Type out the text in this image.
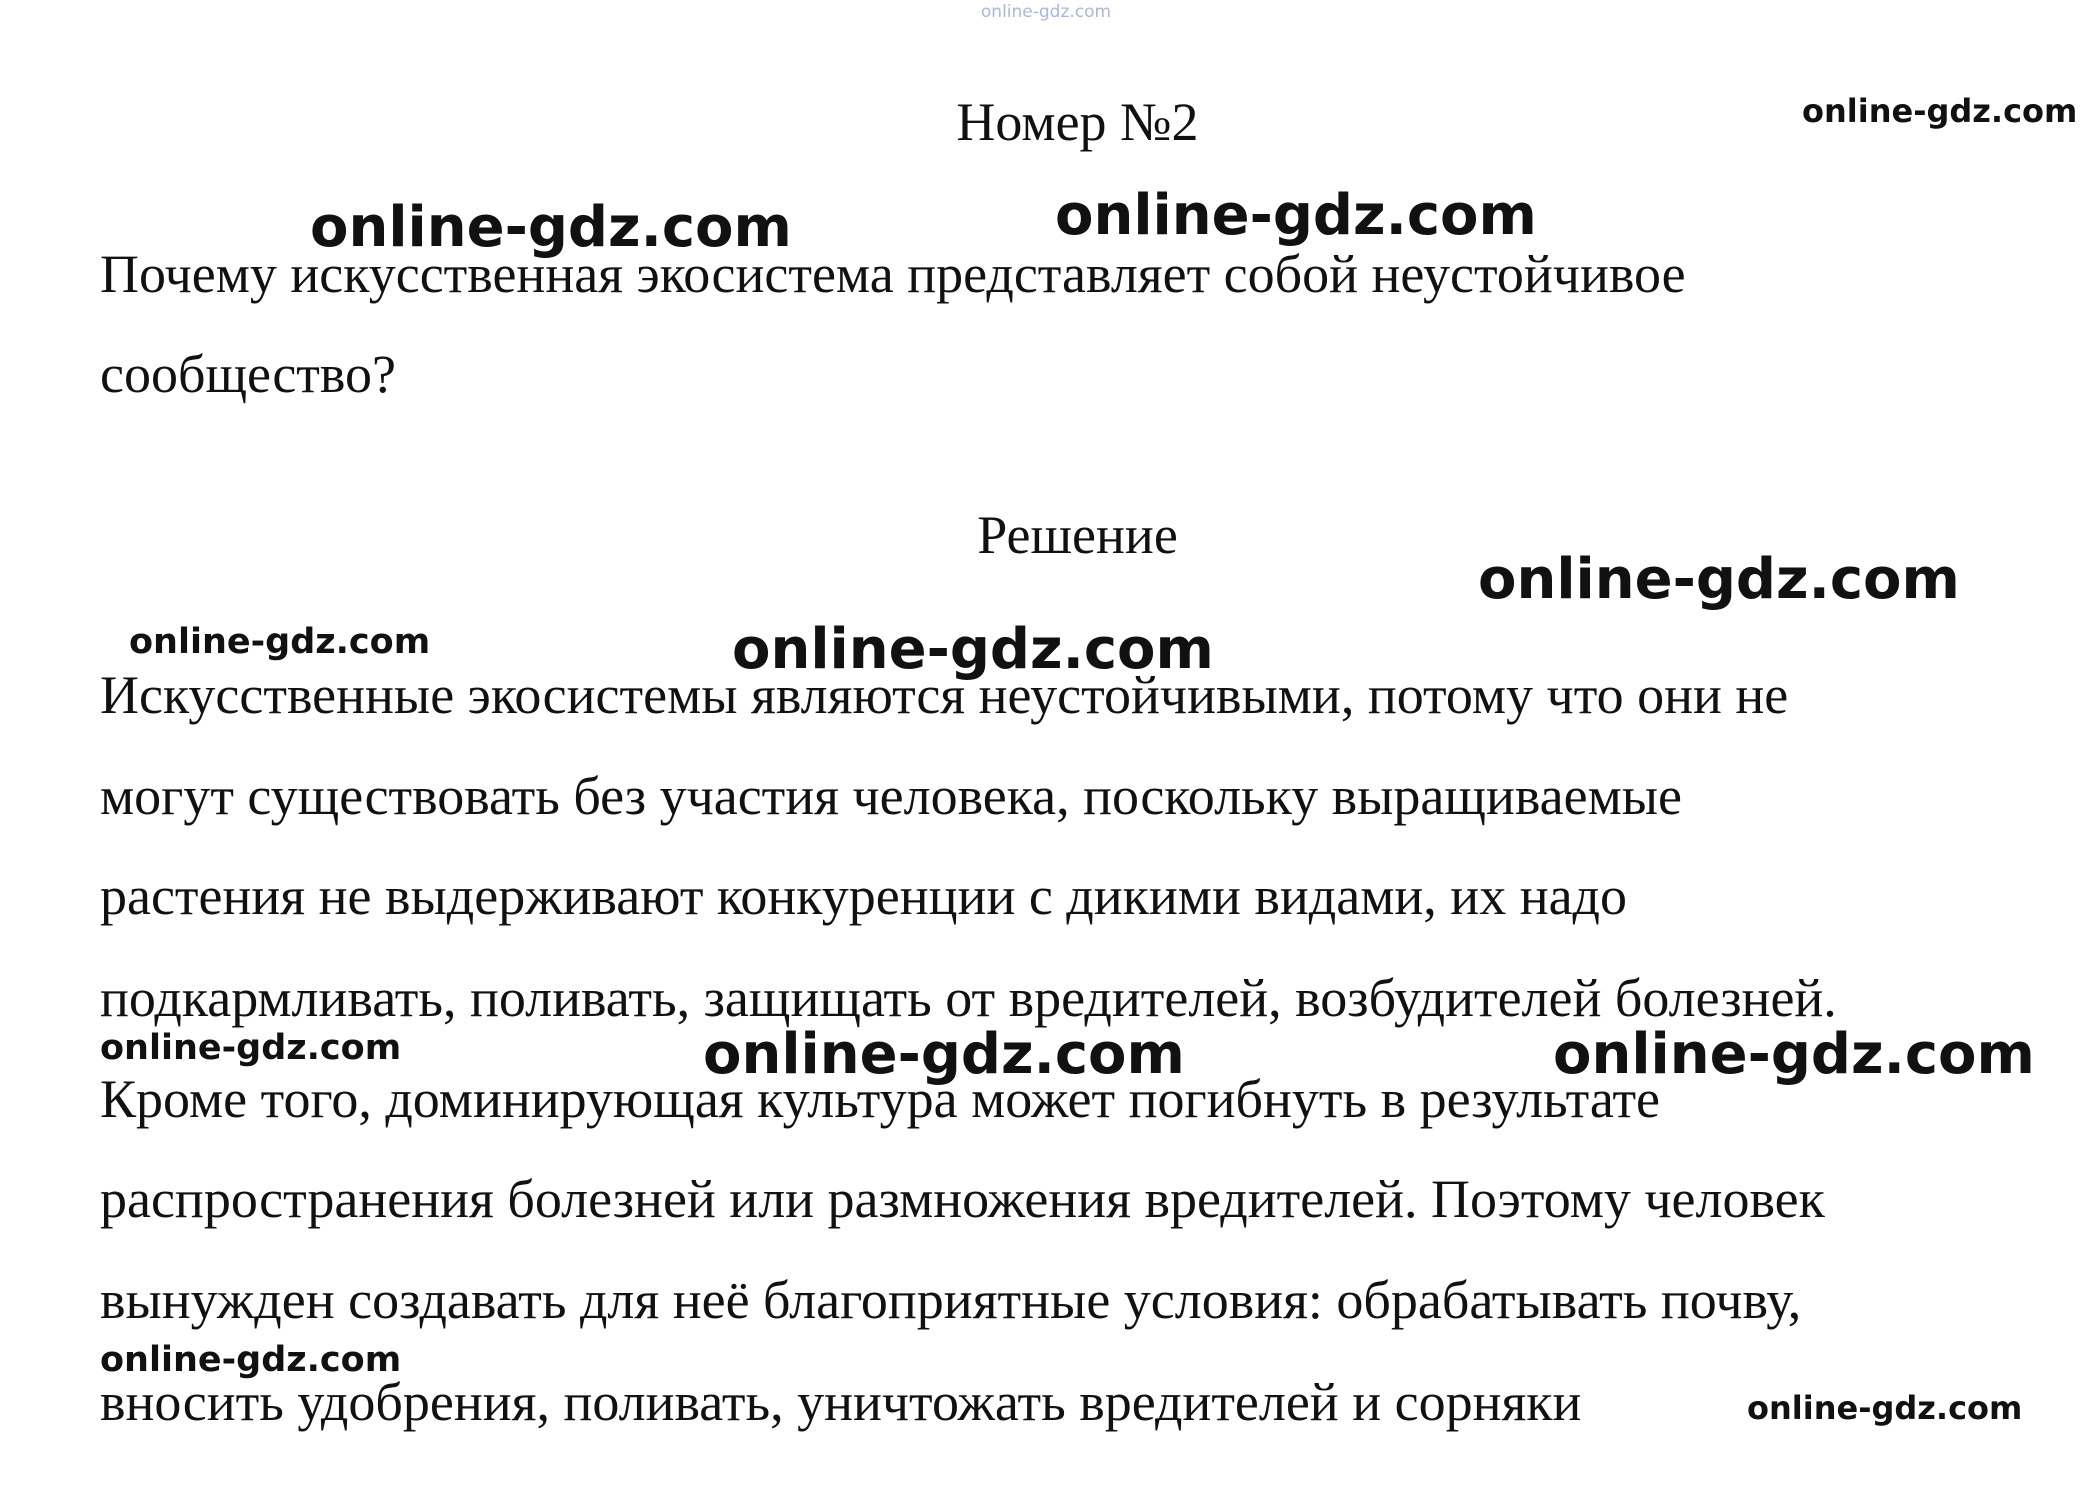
online-gdz.com
Номер №2
Почему искусственная экосистема представляет собой неустойчивое
сообщество?
Решение
Искусственные экосистемы являются неустойчивыми, потому что они не
могут существовать без участия человека, поскольку выращиваемые
растения не выдерживают конкуренции с дикими видами, их надо
подкармливать, поливать, защищать от вредителей, возбудителей болезней.
Кроме того, доминирующая культура может погибнуть в результате
распространения болезней или размножения вредителей. Поэтому человек
вынужден создавать для неё благоприятные условия: обрабатывать почву,
вносить удобрения, поливать, уничтожать вредителей и сорняки
online-gdz.com
online-gdz.com	online-gdz.com
online-gdz.com
online-gdz.com	online-gdz.com
online-gdz.com	online-gdz.com	online-gdz.com
online-gdz.com
online-gdz.com
